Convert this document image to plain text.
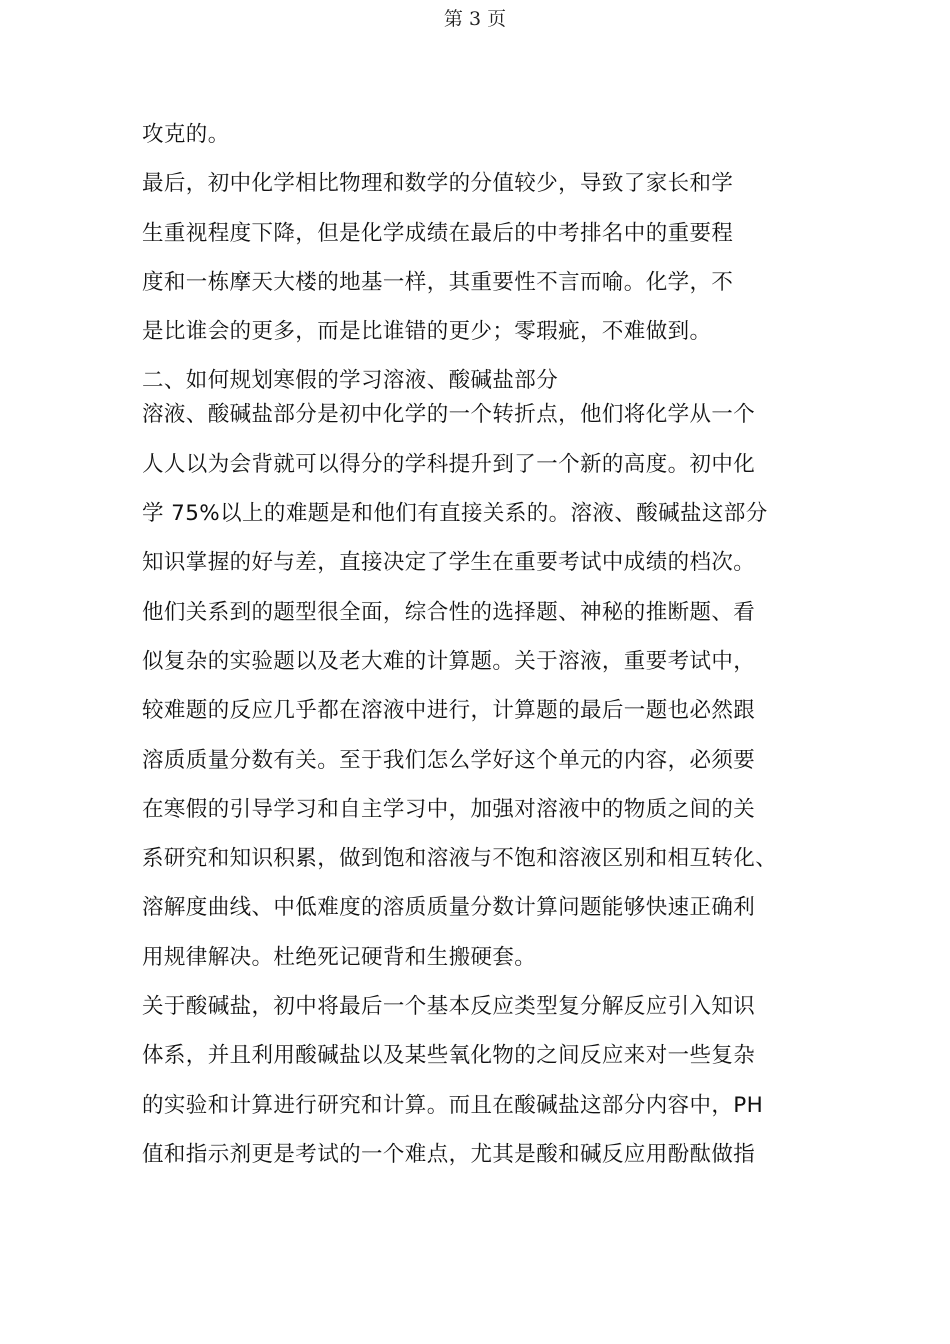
第 3 页
攻克的。
最后，初中化学相比物理和数学的分值较少，导致了家长和学
生重视程度下降，但是化学成绩在最后的中考排名中的重要程
度和一栋摩天大楼的地基一样，其重要性不言而喻。化学，不
是比谁会的更多，而是比谁错的更少；零瑕疵，不难做到。
二、如何规划寒假的学习溶液、酸碱盐部分
溶液、酸碱盐部分是初中化学的一个转折点，他们将化学从一个
人人以为会背就可以得分的学科提升到了一个新的高度。初中化
学 75%以上的难题是和他们有直接关系的。溶液、酸碱盐这部分
知识掌握的好与差，直接决定了学生在重要考试中成绩的档次。
他们关系到的题型很全面，综合性的选择题、神秘的推断题、看
似复杂的实验题以及老大难的计算题。关于溶液，重要考试中，
较难题的反应几乎都在溶液中进行，计算题的最后一题也必然跟
溶质质量分数有关。至于我们怎么学好这个单元的内容，必须要
在寒假的引导学习和自主学习中，加强对溶液中的物质之间的关
系研究和知识积累，做到饱和溶液与不饱和溶液区别和相互转化、
溶解度曲线、中低难度的溶质质量分数计算问题能够快速正确利
用规律解决。杜绝死记硬背和生搬硬套。
关于酸碱盐，初中将最后一个基本反应类型复分解反应引入知识
体系，并且利用酸碱盐以及某些氧化物的之间反应来对一些复杂
的实验和计算进行研究和计算。而且在酸碱盐这部分内容中，PH
值和指示剂更是考试的一个难点，尤其是酸和碱反应用酚酞做指
